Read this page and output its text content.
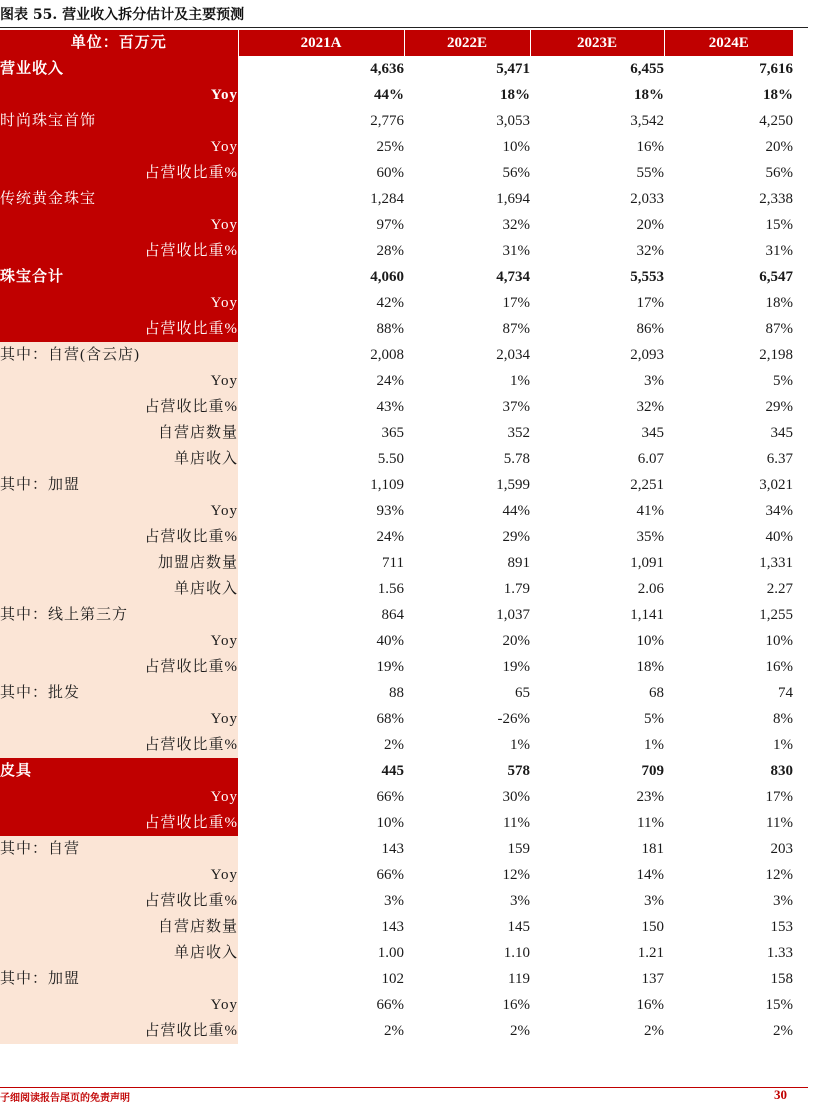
图表 55. 营业收入拆分估计及主要预测
单位：百万元	2021A	2022E	2023E	2024E
营业收入	4,636	5,471	6,455	7,616
Yoy	44%	18%	18%	18%
时尚珠宝首饰	2,776	3,053	3,542	4,250
Yoy	25%	10%	16%	20%
占营收比重%	60%	56%	55%	56%
传统黄金珠宝	1,284	1,694	2,033	2,338
Yoy	97%	32%	20%	15%
占营收比重%	28%	31%	32%	31%
珠宝合计	4,060	4,734	5,553	6,547
Yoy	42%	17%	17%	18%
占营收比重%	88%	87%	86%	87%
其中：自营(含云店)	2,008	2,034	2,093	2,198
Yoy	24%	1%	3%	5%
占营收比重%	43%	37%	32%	29%
自营店数量	365	352	345	345
单店收入	5.50	5.78	6.07	6.37
其中：加盟	1,109	1,599	2,251	3,021
Yoy	93%	44%	41%	34%
占营收比重%	24%	29%	35%	40%
加盟店数量	711	891	1,091	1,331
单店收入	1.56	1.79	2.06	2.27
其中：线上第三方	864	1,037	1,141	1,255
Yoy	40%	20%	10%	10%
占营收比重%	19%	19%	18%	16%
其中：批发	88	65	68	74
Yoy	68%	-26%	5%	8%
占营收比重%	2%	1%	1%	1%
皮具	445	578	709	830
Yoy	66%	30%	23%	17%
占营收比重%	10%	11%	11%	11%
其中：自营	143	159	181	203
Yoy	66%	12%	14%	12%
占营收比重%	3%	3%	3%	3%
自营店数量	143	145	150	153
单店收入	1.00	1.10	1.21	1.33
其中：加盟	102	119	137	158
Yoy	66%	16%	16%	15%
占营收比重%	2%	2%	2%	2%
子细阅读报告尾页的免责声明	30
